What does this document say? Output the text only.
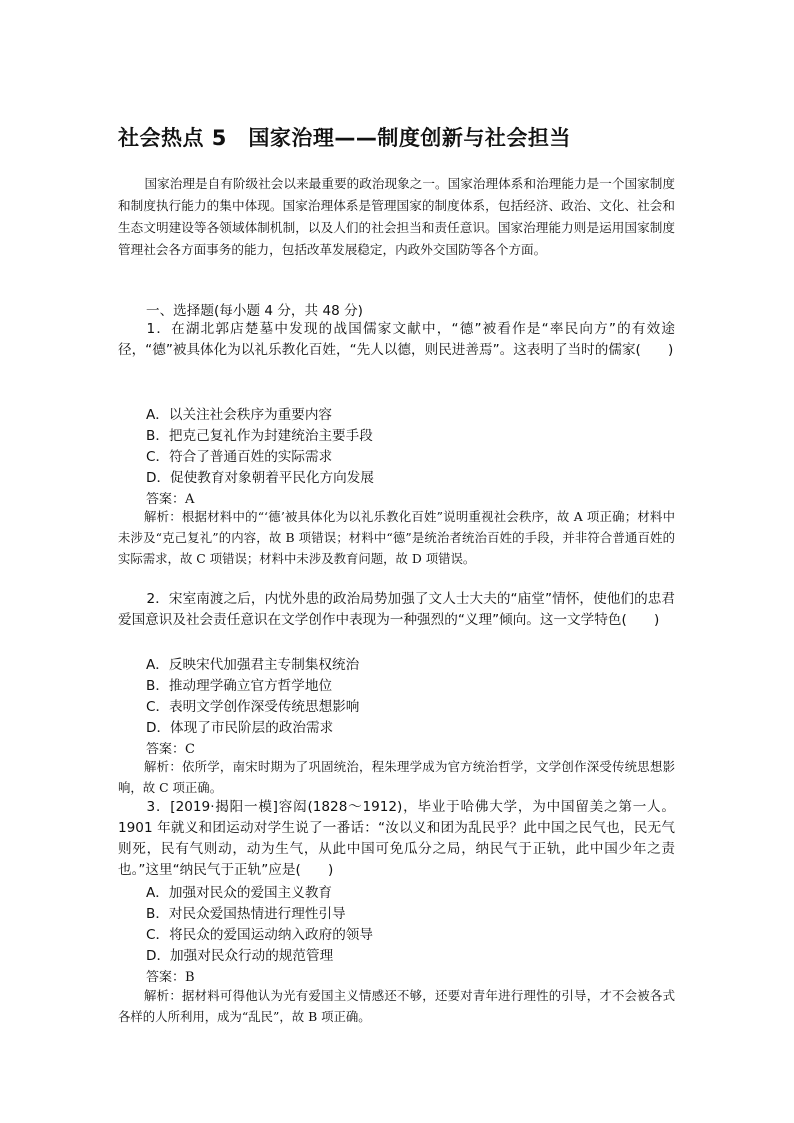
社会热点 5　国家治理——制度创新与社会担当
国家治理是自有阶级社会以来最重要的政治现象之一。国家治理体系和治理能力是一个国家制度和制度执行能力的集中体现。国家治理体系是管理国家的制度体系，包括经济、政治、文化、社会和生态文明建设等各领域体制机制，以及人们的社会担当和责任意识。国家治理能力则是运用国家制度管理社会各方面事务的能力，包括改革发展稳定，内政外交国防等各个方面。
一、选择题(每小题 4 分，共 48 分)
1．在湖北郭店楚墓中发现的战国儒家文献中，“德”被看作是“率民向方”的有效途径，“德”被具体化为以礼乐教化百姓，“先人以德，则民进善焉”。这表明了当时的儒家(　　)
A．以关注社会秩序为重要内容
B．把克己复礼作为封建统治主要手段
C．符合了普通百姓的实际需求
D．促使教育对象朝着平民化方向发展
答案：A
解析：根据材料中的“‘德’被具体化为以礼乐教化百姓”说明重视社会秩序，故 A 项正确；材料中未涉及“克己复礼”的内容，故 B 项错误；材料中“德”是统治者统治百姓的手段，并非符合普通百姓的实际需求，故 C 项错误；材料中未涉及教育问题，故 D 项错误。
2．宋室南渡之后，内忧外患的政治局势加强了文人士大夫的“庙堂”情怀，使他们的忠君爱国意识及社会责任意识在文学创作中表现为一种强烈的“义理”倾向。这一文学特色(　　)
A．反映宋代加强君主专制集权统治
B．推动理学确立官方哲学地位
C．表明文学创作深受传统思想影响
D．体现了市民阶层的政治需求
答案：C
解析：依所学，南宋时期为了巩固统治，程朱理学成为官方统治哲学，文学创作深受传统思想影响，故 C 项正确。
3．[2019·揭阳一模]容闳(1828～1912)，毕业于哈佛大学，为中国留美之第一人。1901 年就义和团运动对学生说了一番话：“汝以义和团为乱民乎？此中国之民气也，民无气则死，民有气则动，动为生气，从此中国可免瓜分之局，纳民气于正轨，此中国少年之责也。”这里“纳民气于正轨”应是(　　)
A．加强对民众的爱国主义教育
B．对民众爱国热情进行理性引导
C．将民众的爱国运动纳入政府的领导
D．加强对民众行动的规范管理
答案：B
解析：据材料可得他认为光有爱国主义情感还不够，还要对青年进行理性的引导，才不会被各式各样的人所利用，成为“乱民”，故 B 项正确。
